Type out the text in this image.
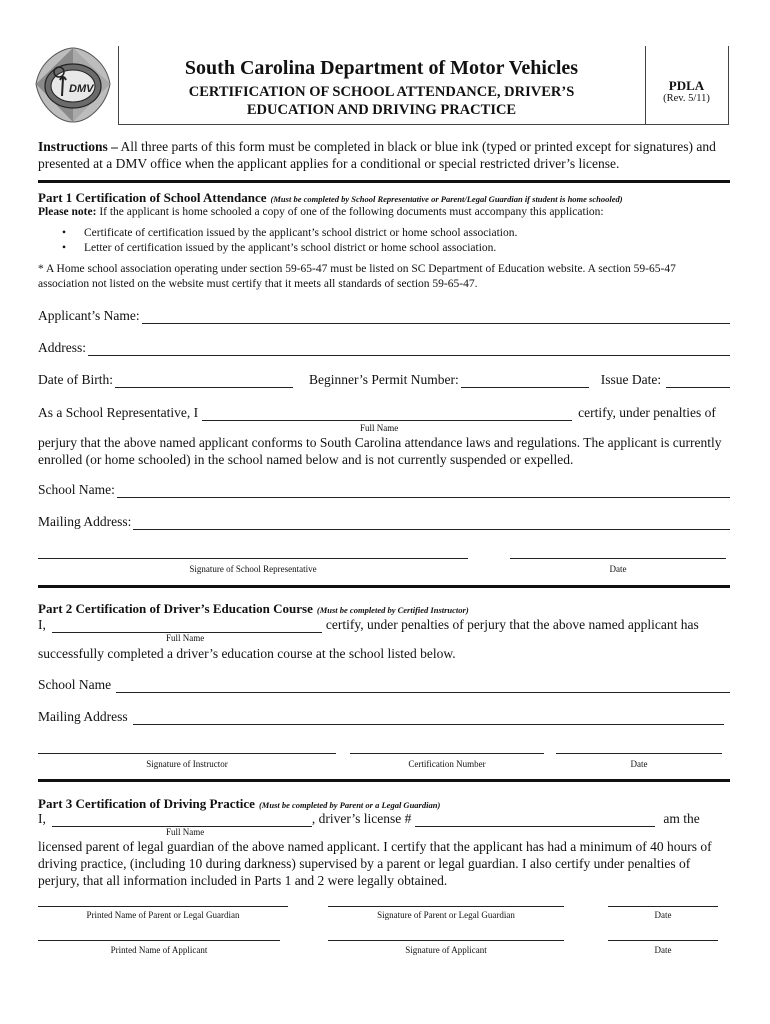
DMV
South Carolina Department of Motor Vehicles
CERTIFICATION OF SCHOOL ATTENDANCE, DRIVER’S
EDUCATION AND DRIVING PRACTICE
PDLA
(Rev. 5/11)
Instructions – All three parts of this form must be completed in black or blue ink (typed or printed except for signatures) and presented at a DMV office when the applicant applies for a conditional or special restricted driver’s license.
Part 1 Certification of School Attendance (Must be completed by School Representative or Parent/Legal Guardian if student is home schooled)
Please note: If the applicant is home schooled a copy of one of the following documents must accompany this application:
• Certificate of certification issued by the applicant’s school district or home school association.
• Letter of certification issued by the applicant’s school district or home school association.
* A Home school association operating under section 59-65-47 must be listed on SC Department of Education website. A section 59-65-47 association not listed on the website must certify that it meets all standards of section 59-65-47.
Applicant’s Name:
Address:
Date of Birth:	Beginner’s Permit Number:	Issue Date:
As a School Representative, I	certify, under penalties of
Full Name
perjury that the above named applicant conforms to South Carolina attendance laws and regulations. The applicant is currently enrolled (or home schooled) in the school named below and is not currently suspended or expelled.
School Name:
Mailing Address:
Signature of School Representative	Date
Part 2 Certification of Driver’s Education Course (Must be completed by Certified Instructor)
I,	certify, under penalties of perjury that the above named applicant has
Full Name
successfully completed a driver’s education course at the school listed below.
School Name
Mailing Address
Signature of Instructor	Certification Number	Date
Part 3 Certification of Driving Practice (Must be completed by Parent or a Legal Guardian)
I,	, driver’s license #	am the
Full Name
licensed parent of legal guardian of the above named applicant. I certify that the applicant has had a minimum of 40 hours of driving practice, (including 10 during darkness) supervised by a parent or legal guardian. I also certify under penalties of perjury, that all information included in Parts 1 and 2 were legally obtained.
Printed Name of Parent or Legal Guardian	Signature of Parent or Legal Guardian	Date
Printed Name of Applicant	Signature of Applicant	Date
